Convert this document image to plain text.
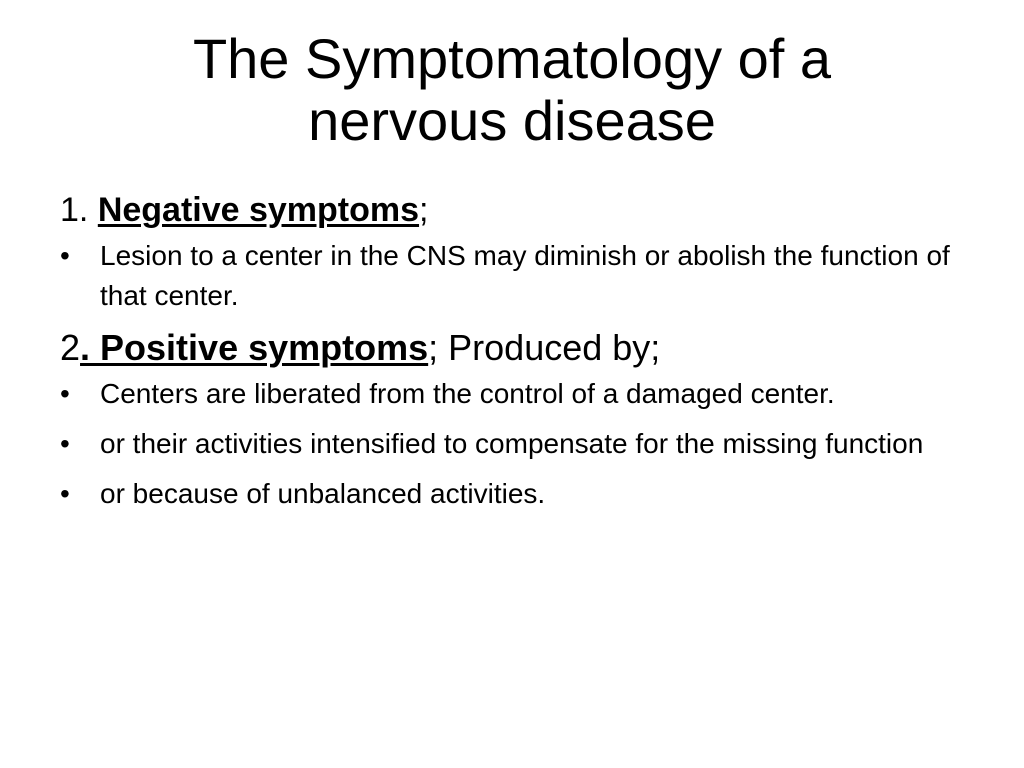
The Symptomatology of a
nervous disease

1. Negative symptoms;

•	Lesion to a center in the CNS may diminish or abolish the function of that center.

2. Positive symptoms; Produced by;

•	Centers are liberated from the control of a damaged center.
•	or their activities intensified to compensate for the missing function
•	or because of unbalanced activities.
